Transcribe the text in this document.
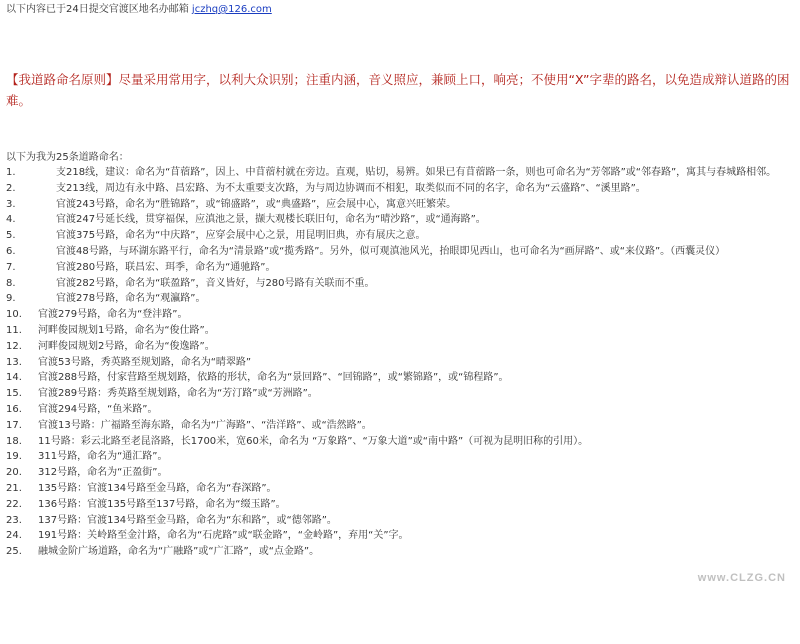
以下内容已于24日提交官渡区地名办邮箱 jczhq@126.com
【我道路命名原则】尽量采用常用字，以利大众识别；注重内涵，音义照应，兼顾上口，响亮；不使用“X”字辈的路名，以免造成辩认道路的困难。
以下为我为25条道路命名：
1.	支218线，建议：命名为“苜蓿路”，因上、中苜蓿村就在旁边。直观，贴切，易辨。如果已有苜蓿路一条，则也可命名为“芳邻路”或“邻春路”，寓其与春城路相邻。
2.	支213线，周边有永中路、昌宏路、为不太重要支次路，为与周边协调而不相犯，取类似而不同的名字，命名为“云盛路”、“溪里路”。
3.	官渡243号路，命名为“胜锦路”，或“锦盛路”，或“典盛路”，应会展中心，寓意兴旺繁荣。
4.	官渡247号延长线，贯穿福保，应滇池之景，撷大观楼长联旧句，命名为“晴沙路”，或“通海路”。
5.	官渡375号路，命名为“中庆路”，应穿会展中心之景，用昆明旧典，亦有展庆之意。
6.	官渡48号路，与环湖东路平行，命名为“清景路”或“揽秀路”。另外，似可观滇池风光，抬眼即见西山，也可命名为“画屏路”、或“来仪路”。（西囊灵仪）
7.	官渡280号路，联昌宏、珥季，命名为“通驰路”。
8.	官渡282号路，命名为“联盈路”，音义皆好，与280号路有关联而不重。
9.	官渡278号路，命名为“观瀛路”。
10. 官渡279号路，命名为“登沣路”。
11. 河畔俊园规划1号路，命名为“俊仕路”。
12. 河畔俊园规划2号路，命名为“俊逸路”。
13. 官渡53号路，秀英路至规划路，命名为“晴翠路”
14. 官渡288号路，付家营路至规划路，依路的形状，命名为“景回路”、“回锦路”，或“繁锦路”，或“锦程路”。
15. 官渡289号路：秀英路至规划路，命名为“芳汀路”或“芳洲路”。
16. 官渡294号路，“鱼米路”。
17. 官渡13号路：广福路至海东路，命名为“广海路”、“浩洋路”、或“浩然路”。
18. 11号路：彩云北路至老昆洛路，长1700米，宽60米，命名为 “万象路”、“万象大道”或“南中路”（可视为昆明旧称的引用）。
19. 311号路，命名为“通汇路”。
20. 312号路，命名为“正盈街”。
21. 135号路：官渡134号路至金马路，命名为“春深路”。
22. 136号路：官渡135号路至137号路，命名为“缀玉路”。
23. 137号路：官渡134号路至金马路，命名为“东和路”，或“德邻路”。
24. 191号路：关岭路至金汁路，命名为“石虎路”或“联金路”，“金岭路”，弃用“关”字。
25. 融城金阶广场道路，命名为“广融路”或“广汇路”，或“点金路”。
www.CLZG.CN
